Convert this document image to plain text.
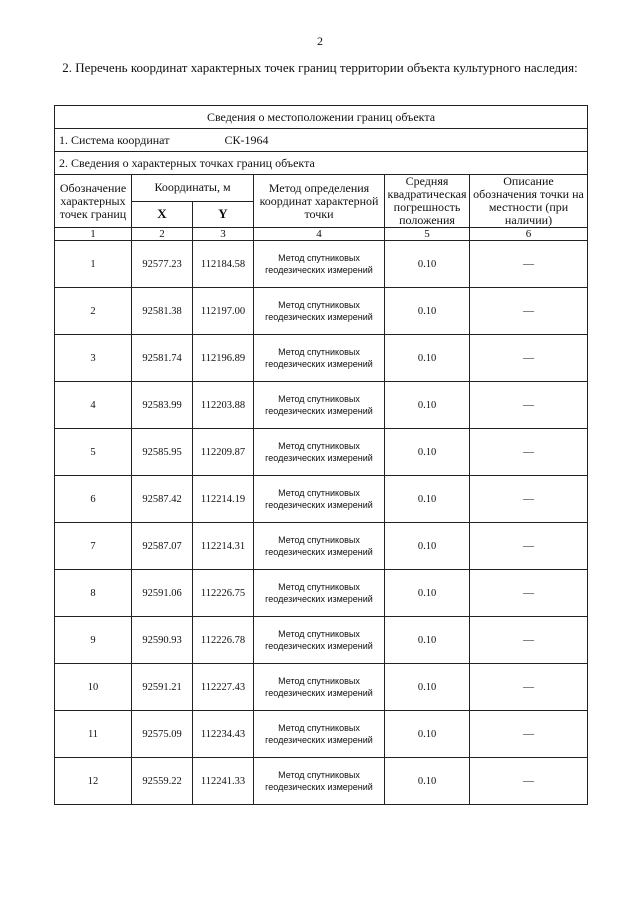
2
2. Перечень координат характерных точек границ территории объекта культурного наследия:
Сведения о местоположении границ объекта					
1. Система координат СК-1964					
2. Сведения о характерных точках границ объекта					
Обозначение характерных точек границ	Координаты, м		Метод определения координат характерной точки	Средняя квадратическая погрешность положения	Описание обозначения точки на местности (при наличии)
	X	Y			
1	2	3	4	5	6
1	92577.23	112184.58	Метод спутниковых геодезических измерений	0.10	—
2	92581.38	112197.00	Метод спутниковых геодезических измерений	0.10	—
3	92581.74	112196.89	Метод спутниковых геодезических измерений	0.10	—
4	92583.99	112203.88	Метод спутниковых геодезических измерений	0.10	—
5	92585.95	112209.87	Метод спутниковых геодезических измерений	0.10	—
6	92587.42	112214.19	Метод спутниковых геодезических измерений	0.10	—
7	92587.07	112214.31	Метод спутниковых геодезических измерений	0.10	—
8	92591.06	112226.75	Метод спутниковых геодезических измерений	0.10	—
9	92590.93	112226.78	Метод спутниковых геодезических измерений	0.10	—
10	92591.21	112227.43	Метод спутниковых геодезических измерений	0.10	—
11	92575.09	112234.43	Метод спутниковых геодезических измерений	0.10	—
12	92559.22	112241.33	Метод спутниковых геодезических измерений	0.10	—
